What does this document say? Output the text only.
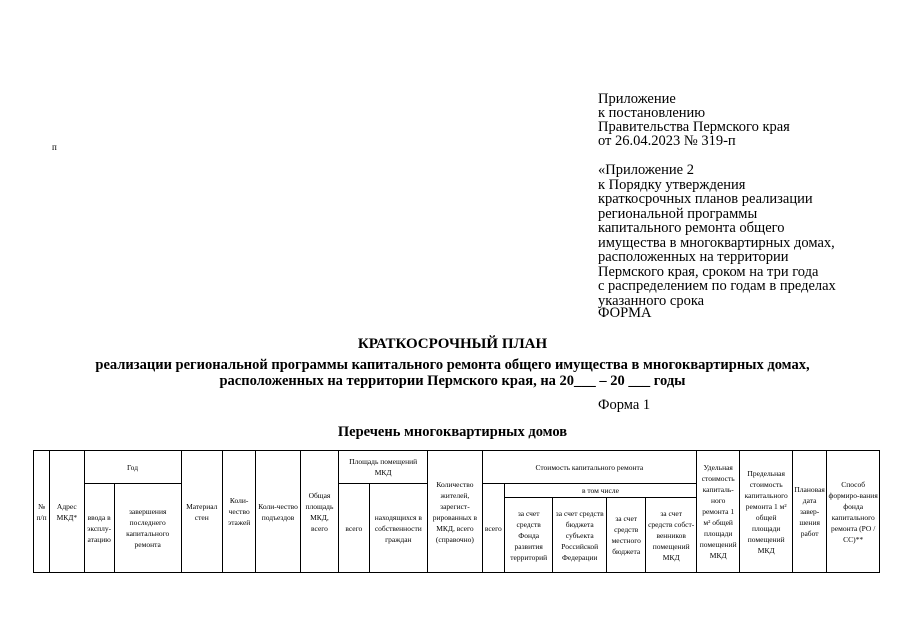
п
Приложение
к постановлению
Правительства Пермского края
от 26.04.2023 № 319-п
«Приложение 2
к Порядку утверждения
краткосрочных планов реализации
региональной программы
капитального ремонта общего
имущества в многоквартирных домах,
расположенных на территории
Пермского края, сроком на три года
с распределением по годам в пределах
указанного срока
ФОРМА
КРАТКОСРОЧНЫЙ ПЛАН
реализации региональной программы капитального ремонта общего имущества в многоквартирных домах, расположенных на территории Пермского края, на 20___ – 20 ___ годы
Форма 1
Перечень многоквартирных домов
№ п/п	Адрес МКД*	Год		Материал стен	Коли-чество этажей	Коли-чество подъездов	Общая площадь МКД, всего	Площадь помещений МКД		Количество жителей, зарегист-рированных в МКД, всего (справочно)	Стоимость капитального ремонта					Удельная стоимость капиталь-ного ремонта 1 м² общей площади помещений МКД	Предельная стоимость капитального ремонта 1 м² общей площади помещений МКД	Плановая дата завер-шения работ	Способ формиро-вания фонда капитального ремонта (РО / СС)**
		ввода в эксплу-атацию	завершения последнего капитального ремонта					всего	находящихся в собственности граждан		всего	в том числе							
												за счет средств Фонда развития территорий	за счет средств бюджета субъекта Российской Федерации	за счет средств местного бюджета	за счет средств собст-венников помещений МКД				
